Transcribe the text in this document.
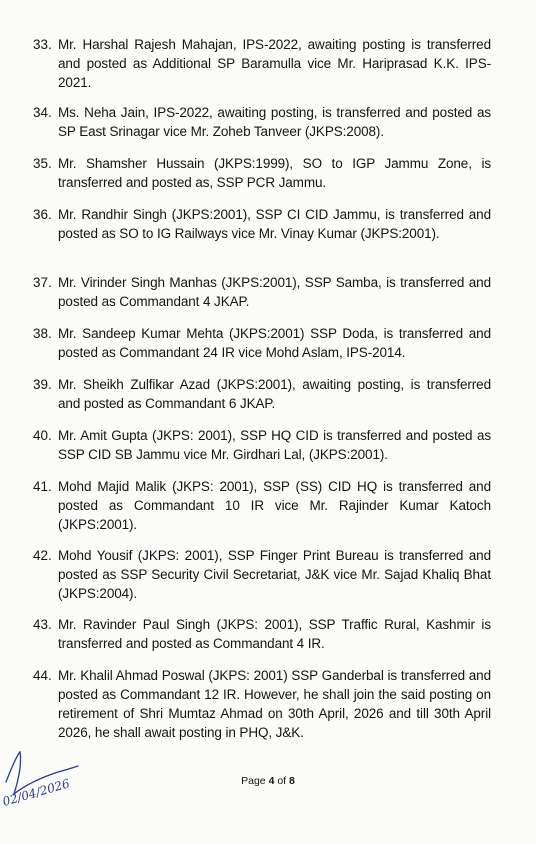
33. Mr. Harshal Rajesh Mahajan, IPS-2022, awaiting posting is transferred and posted as Additional SP Baramulla vice Mr. Hariprasad K.K. IPS-2021.
34. Ms. Neha Jain, IPS-2022, awaiting posting, is transferred and posted as SP East Srinagar vice Mr. Zoheb Tanveer (JKPS:2008).
35. Mr. Shamsher Hussain (JKPS:1999), SO to IGP Jammu Zone, is transferred and posted as, SSP PCR Jammu.
36. Mr. Randhir Singh (JKPS:2001), SSP CI CID Jammu, is transferred and posted as SO to IG Railways vice Mr. Vinay Kumar (JKPS:2001).
37. Mr. Virinder Singh Manhas (JKPS:2001), SSP Samba, is transferred and posted as Commandant 4 JKAP.
38. Mr. Sandeep Kumar Mehta (JKPS:2001) SSP Doda, is transferred and posted as Commandant 24 IR vice Mohd Aslam, IPS-2014.
39. Mr. Sheikh Zulfikar Azad (JKPS:2001), awaiting posting, is transferred and posted as Commandant 6 JKAP.
40. Mr. Amit Gupta (JKPS: 2001), SSP HQ CID is transferred and posted as SSP CID SB Jammu vice Mr. Girdhari Lal, (JKPS:2001).
41. Mohd Majid Malik (JKPS: 2001), SSP (SS) CID HQ is transferred and posted as Commandant 10 IR vice Mr. Rajinder Kumar Katoch (JKPS:2001).
42. Mohd Yousif (JKPS: 2001), SSP Finger Print Bureau is transferred and posted as SSP Security Civil Secretariat, J&K vice Mr. Sajad Khaliq Bhat (JKPS:2004).
43. Mr. Ravinder Paul Singh (JKPS: 2001), SSP Traffic Rural, Kashmir is transferred and posted as Commandant 4 IR.
44. Mr. Khalil Ahmad Poswal (JKPS: 2001) SSP Ganderbal is transferred and posted as Commandant 12 IR. However, he shall join the said posting on retirement of Shri Mumtaz Ahmad on 30th April, 2026 and till 30th April 2026, he shall await posting in PHQ, J&K.
02/04/2026	Page 4 of 8
